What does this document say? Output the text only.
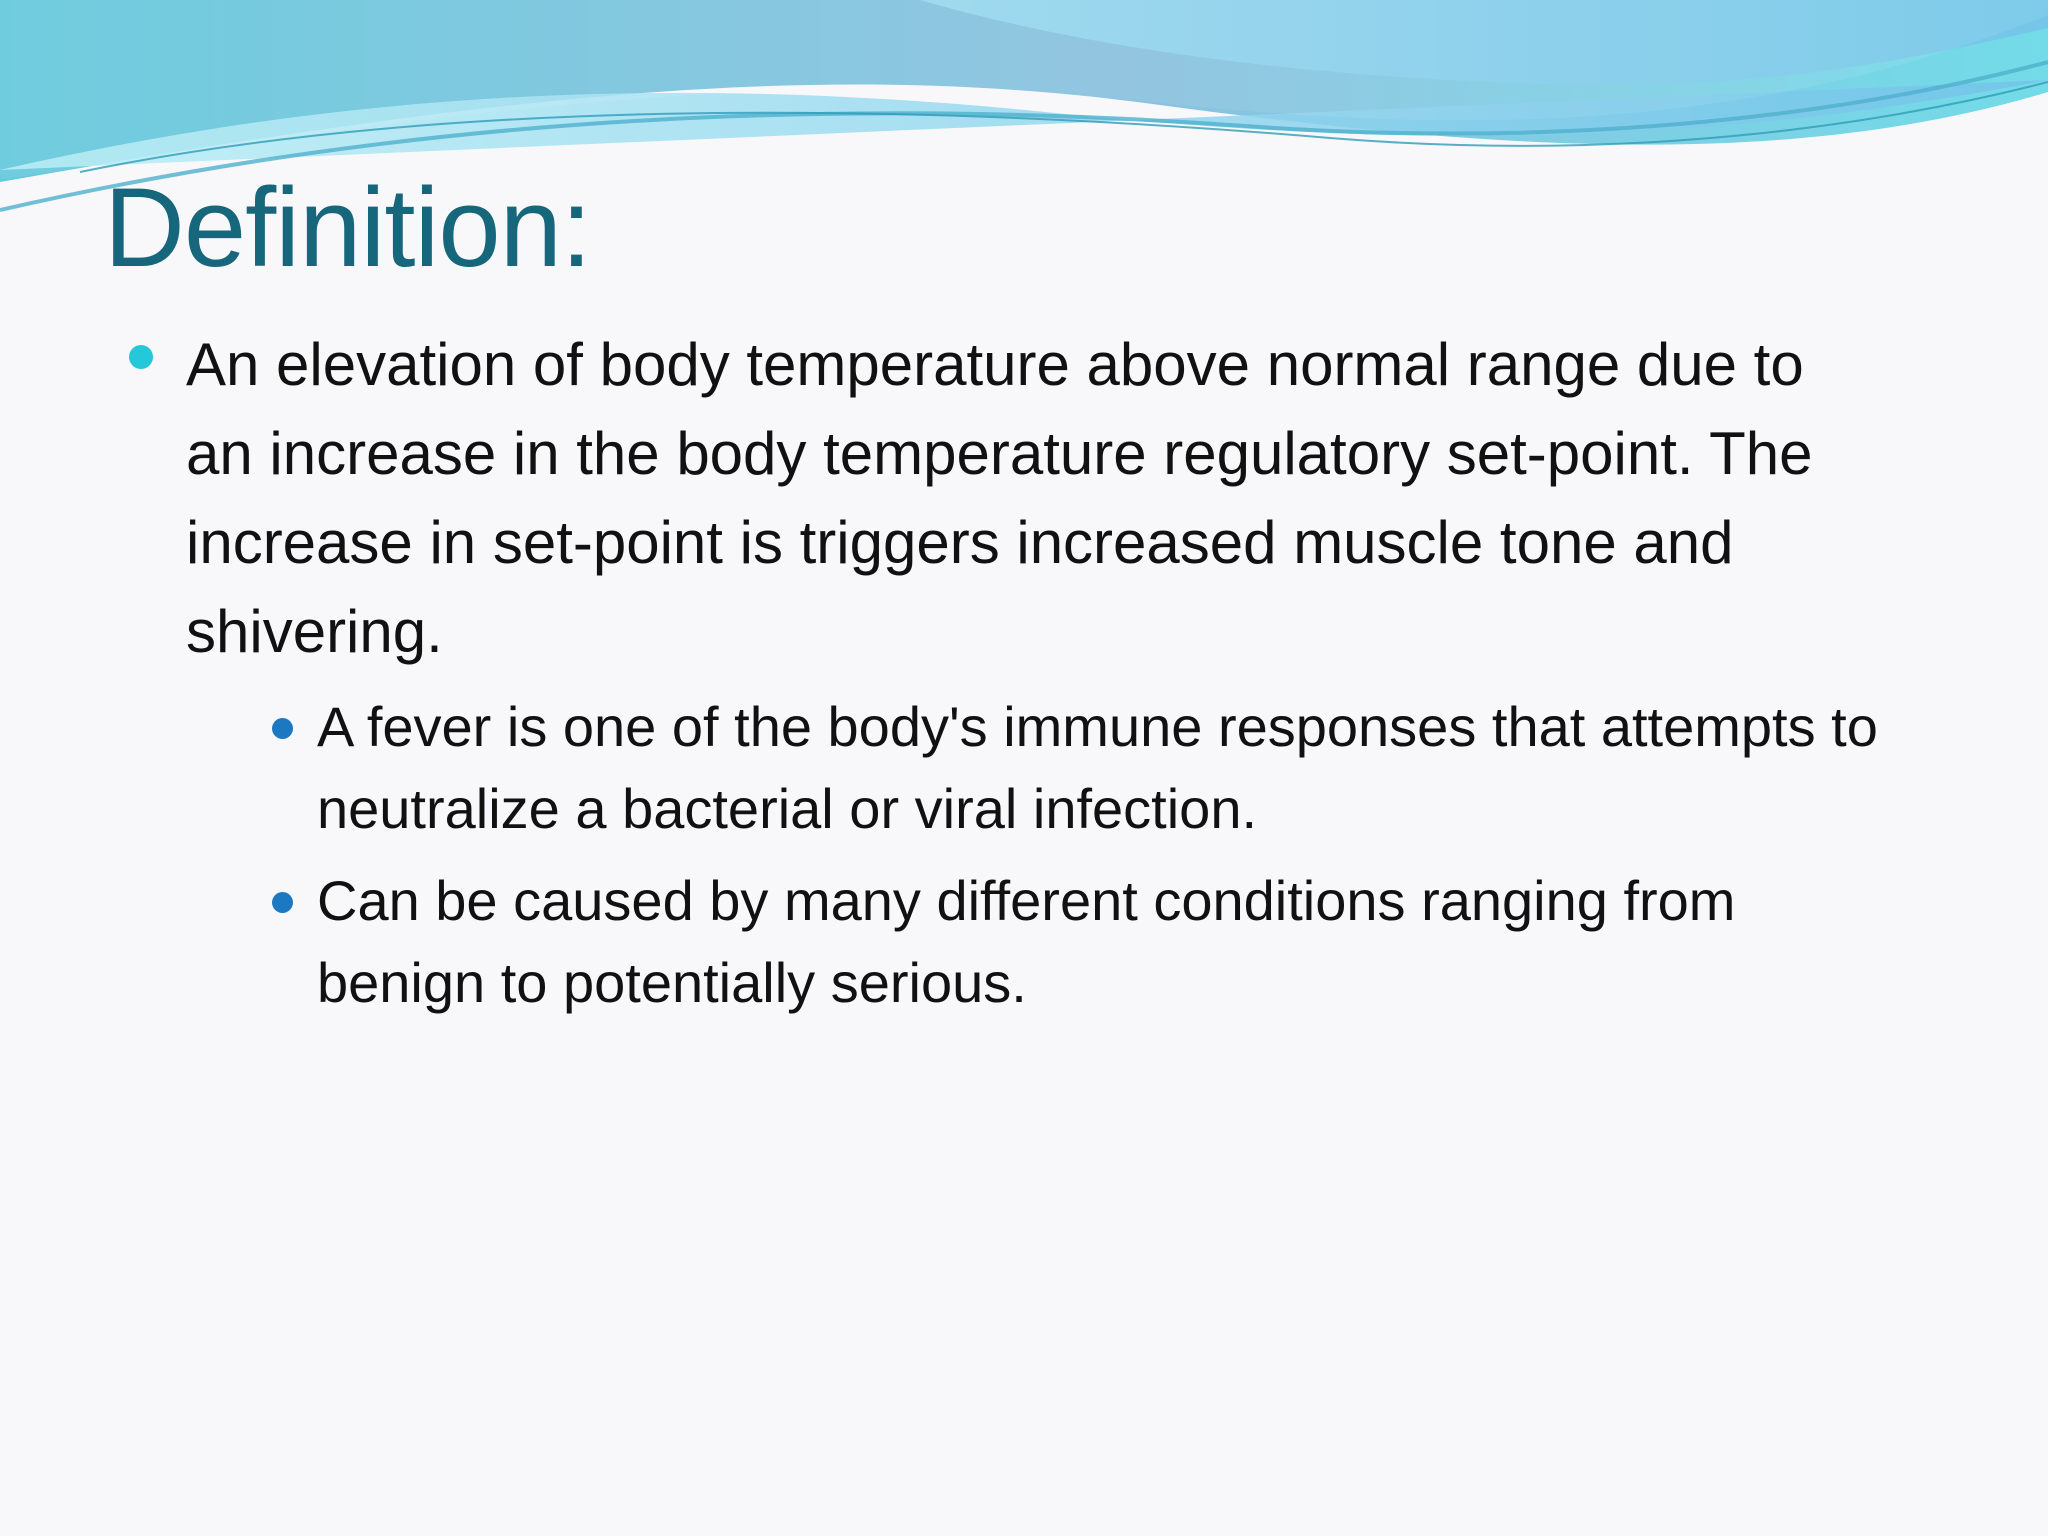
Definition:
An elevation of body temperature above normal range due to an increase in the body temperature regulatory set-point. The increase in set-point is triggers increased muscle tone and shivering.
A fever is one of the body's immune responses that attempts to neutralize a bacterial or viral infection.
Can be caused by many different conditions ranging from benign to potentially serious.
